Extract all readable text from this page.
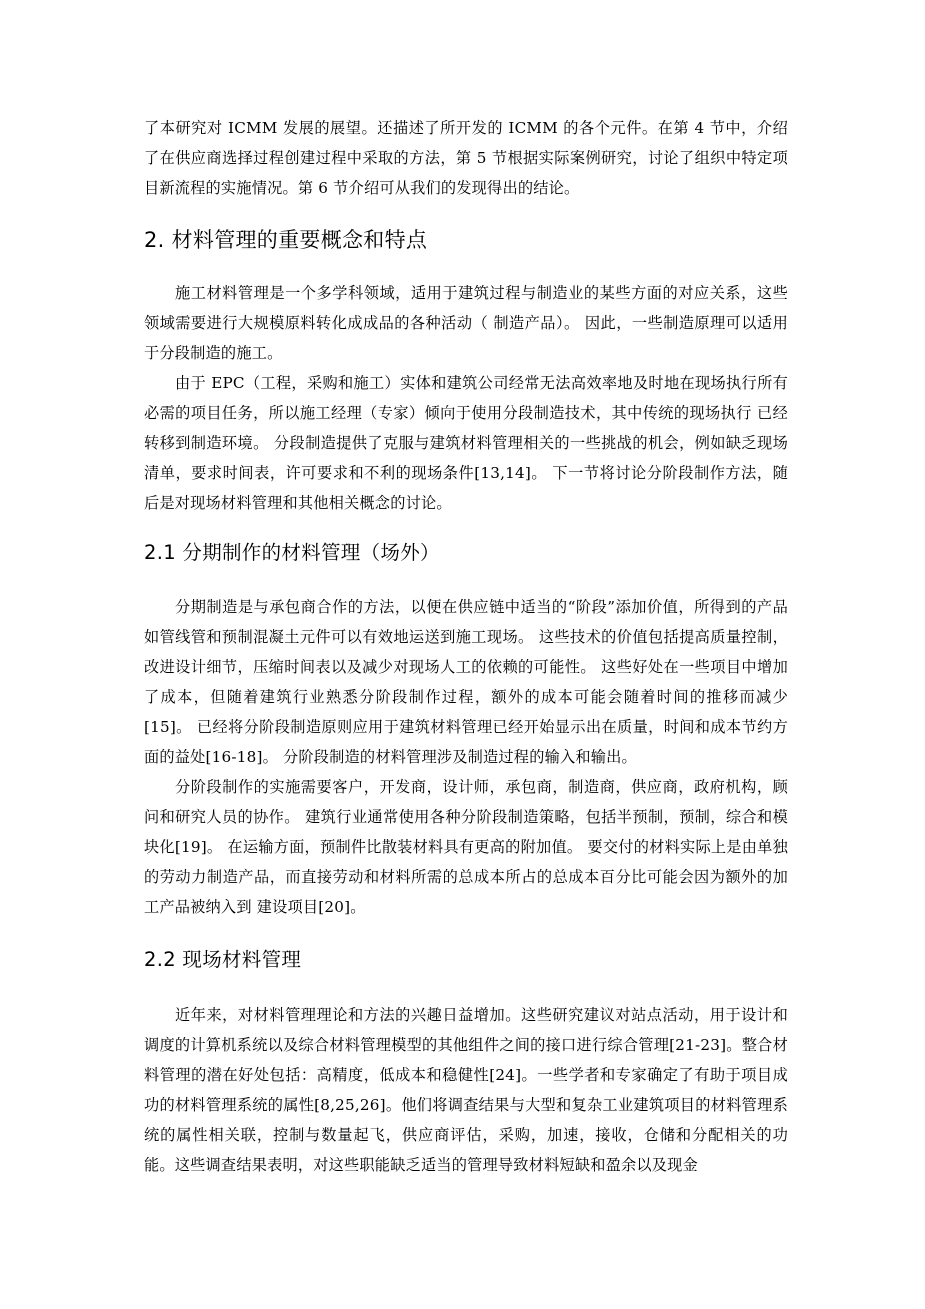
了本研究对 ICMM 发展的展望。还描述了所开发的 ICMM 的各个元件。在第 4 节中，介绍了在供应商选择过程创建过程中采取的方法，第 5 节根据实际案例研究，讨论了组织中特定项目新流程的实施情况。第 6 节介绍可从我们的发现得出的结论。

2. 材料管理的重要概念和特点

施工材料管理是一个多学科领域，适用于建筑过程与制造业的某些方面的对应关系，这些领域需要进行大规模原料转化成成品的各种活动（ 制造产品）。 因此，一些制造原理可以适用于分段制造的施工。

由于 EPC（工程，采购和施工）实体和建筑公司经常无法高效率地及时地在现场执行所有必需的项目任务，所以施工经理（专家）倾向于使用分段制造技术，其中传统的现场执行 已经转移到制造环境。 分段制造提供了克服与建筑材料管理相关的一些挑战的机会，例如缺乏现场清单，要求时间表，许可要求和不利的现场条件[13,14]。 下一节将讨论分阶段制作方法，随后是对现场材料管理和其他相关概念的讨论。

2.1 分期制作的材料管理（场外）

分期制造是与承包商合作的方法，以便在供应链中适当的“阶段”添加价值，所得到的产品如管线管和预制混凝土元件可以有效地运送到施工现场。 这些技术的价值包括提高质量控制，改进设计细节，压缩时间表以及减少对现场人工的依赖的可能性。 这些好处在一些项目中增加了成本，但随着建筑行业熟悉分阶段制作过程，额外的成本可能会随着时间的推移而减少[15]。 已经将分阶段制造原则应用于建筑材料管理已经开始显示出在质量，时间和成本节约方面的益处[16-18]。 分阶段制造的材料管理涉及制造过程的输入和输出。

分阶段制作的实施需要客户，开发商，设计师，承包商，制造商，供应商，政府机构，顾问和研究人员的协作。 建筑行业通常使用各种分阶段制造策略，包括半预制，预制，综合和模块化[19]。 在运输方面，预制件比散装材料具有更高的附加值。 要交付的材料实际上是由单独的劳动力制造产品，而直接劳动和材料所需的总成本所占的总成本百分比可能会因为额外的加工产品被纳入到 建设项目[20]。

2.2 现场材料管理

近年来，对材料管理理论和方法的兴趣日益增加。这些研究建议对站点活动，用于设计和调度的计算机系统以及综合材料管理模型的其他组件之间的接口进行综合管理[21-23]。整合材料管理的潜在好处包括：高精度，低成本和稳健性[24]。一些学者和专家确定了有助于项目成功的材料管理系统的属性[8,25,26]。他们将调查结果与大型和复杂工业建筑项目的材料管理系统的属性相关联，控制与数量起飞，供应商评估，采购，加速，接收，仓储和分配相关的功能。这些调查结果表明，对这些职能缺乏适当的管理导致材料短缺和盈余以及现金
